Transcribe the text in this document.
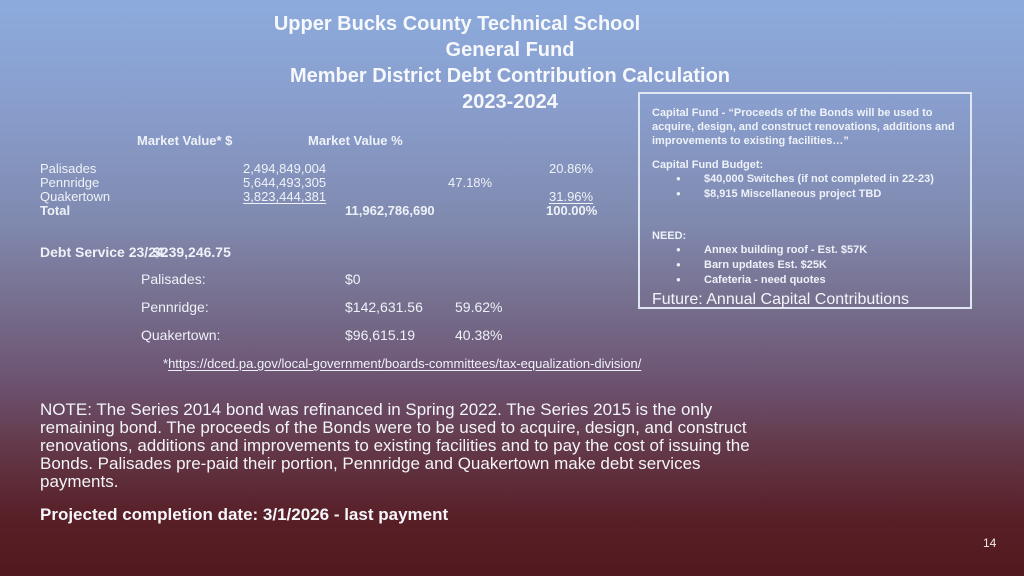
Upper Bucks County Technical School
General Fund
Member District Debt Contribution Calculation
2023-2024
Market Value* $	Market Value %
Palisades	2,494,849,004	20.86%
Pennridge	5,644,493,305	47.18%
Quakertown	3,823,444,381	31.96%
Total	11,962,786,690	100.00%
Debt Service 23/24:
$239,246.75
Palisades:	$0
Pennridge:	$142,631.56 59.62%
Quakertown:	$96,615.19	40.38%
*https://dced.pa.gov/local-government/boards-committees/tax-equalization-division/
NOTE: The Series 2014 bond was refinanced in Spring 2022. The Series 2015 is the only remaining bond. The proceeds of the Bonds were to be used to acquire, design, and construct renovations, additions and improvements to existing facilities and to pay the cost of issuing the Bonds. Palisades pre-paid their portion, Pennridge and Quakertown make debt services payments.
Projected completion date: 3/1/2026 - last payment
Capital Fund - “Proceeds of the Bonds will be used to acquire, design, and construct renovations, additions and improvements to existing facilities…”
Capital Fund Budget:
●
$40,000 Switches (if not completed in 22-23)
●
$8,915 Miscellaneous project TBD
NEED:
●
Annex building roof - Est. $57K
●
Barn updates Est. $25K
●
Cafeteria - need quotes
Future: Annual Capital Contributions
14
